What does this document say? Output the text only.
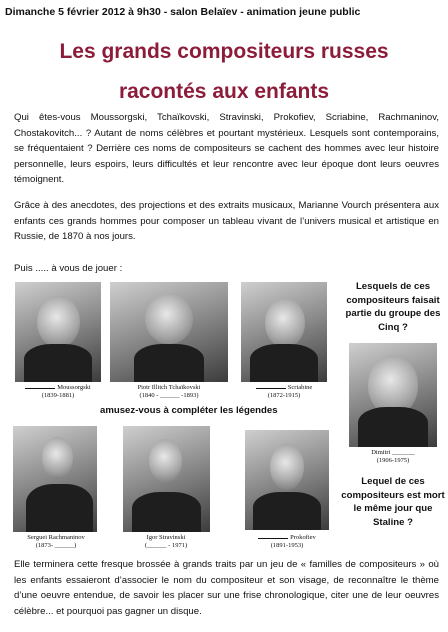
Dimanche 5 février 2012 à 9h30 - salon Belaïev - animation jeune public
Les grands compositeurs russes
racontés aux enfants
Qui êtes-vous Moussorgski, Tchaïkovski, Stravinski, Prokofiev, Scriabine, Rachmaninov, Chostakovitch... ? Autant de noms célèbres et pourtant mystérieux. Lesquels sont contemporains, se fréquentaient ? Derrière ces noms de compositeurs se cachent des hommes avec leur histoire personnelle, leurs espoirs, leurs difficultés et leur rencontre avec leur époque dont leurs oeuvres témoignent.
Grâce à des anecdotes, des projections et des extraits musicaux, Marianne Vourch présentera aux enfants ces grands hommes pour composer un tableau vivant de l’univers musical et artistique en Russie, de 1870 à nos jours.
Puis ..... à vous de jouer :
Moussorgski
(1839-1881)
Piotr Illitch Tchaïkovski
(1840 - ______ -1893)
Scriabine
(1872-1915)
Lesquels de ces compositeurs faisait partie du groupe des Cinq ?
Dimitri _______
(1906-1975)
Lequel de ces compositeurs est mort le même jour que Staline ?
amusez-vous à compléter les légendes
Serguei Rachmaninov
(1873- ______)
Igor Stravinski
(______ - 1971)
Prokofiev
(1891-1953)
Elle terminera cette fresque brossée à grands traits par un jeu de « familles de compositeurs » où les enfants essaieront d’associer le nom du compositeur et son visage, de reconnaître le thème d’une oeuvre entendue, de savoir les placer sur une frise chronologique, citer une de leur oeuvres célèbre... et pourquoi pas gagner un disque.
